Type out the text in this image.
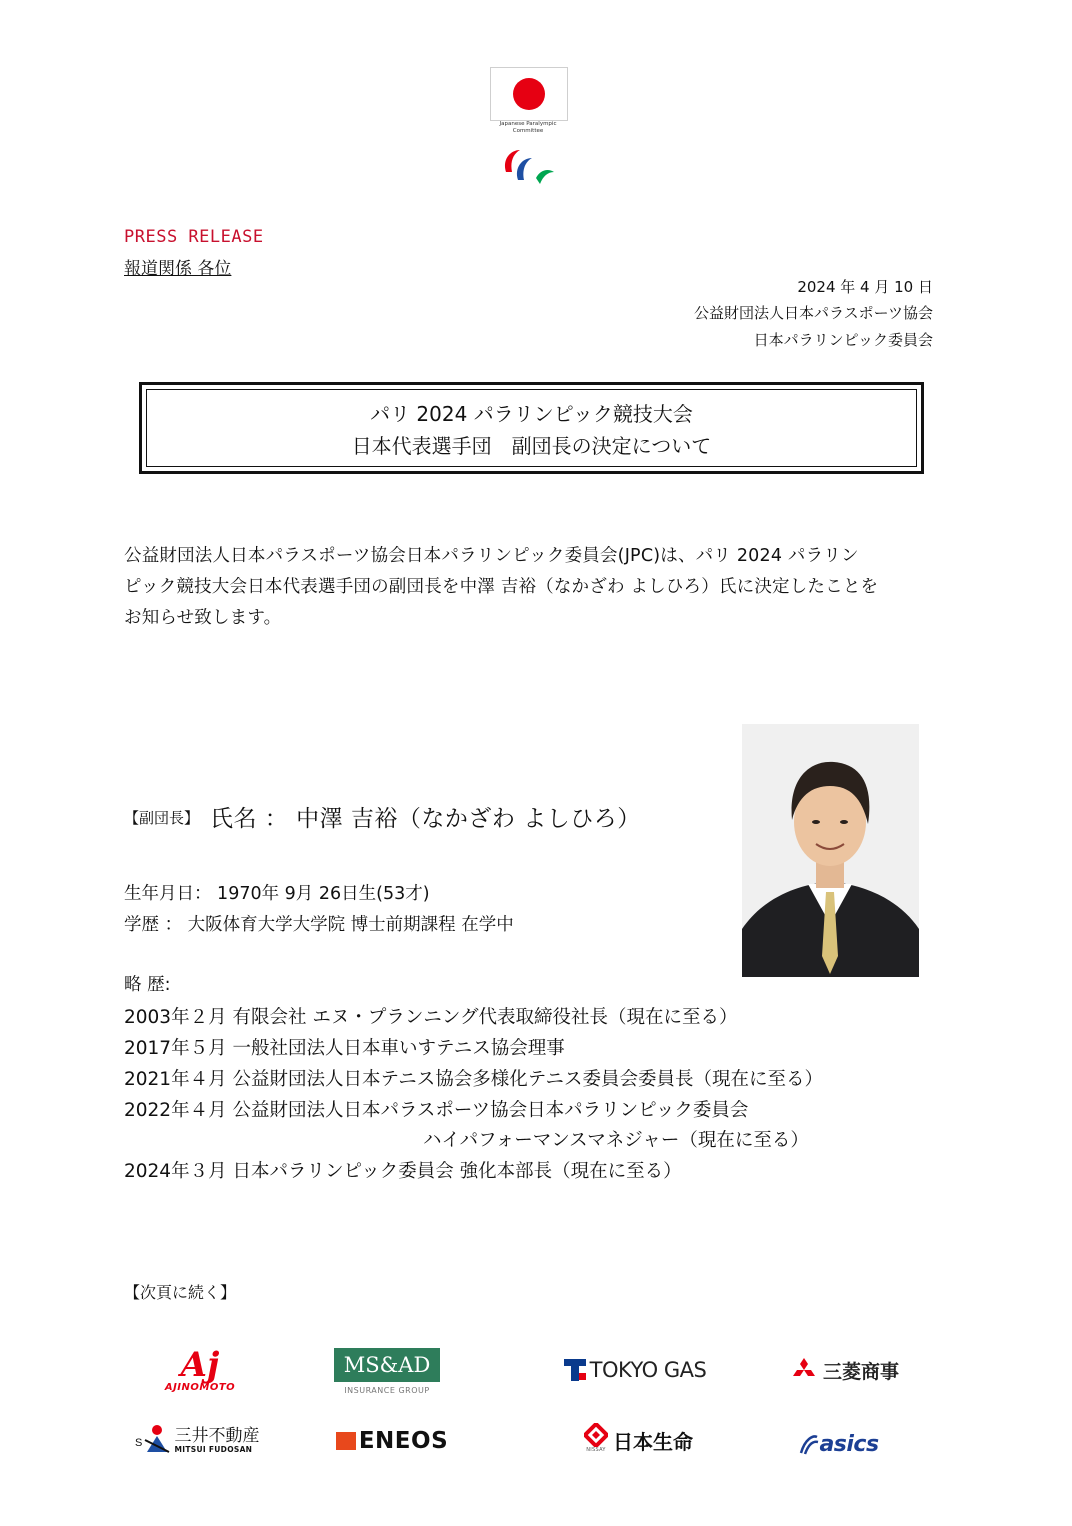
Japanese Paralympic
Committee
PRESS RELEASE
報道関係 各位
2024 年 4 月 10 日
公益財団法人日本パラスポーツ協会
日本パラリンピック委員会
パリ 2024 パラリンピック競技大会
日本代表選手団　副団長の決定について
公益財団法人日本パラスポーツ協会日本パラリンピック委員会(JPC)は、パリ 2024 パラリン
ピック競技大会日本代表選手団の副団長を中澤 吉裕（なかざわ よしひろ）氏に決定したことを
お知らせ致します。
【副団長】 氏名 ： 中澤 吉裕（なかざわ よしひろ）
生年月日： 1970年 9月 26日生(53才)
学歴 ： 大阪体育大学大学院 博士前期課程 在学中
略 歴:
2003年２月 有限会社 エヌ・プランニング代表取締役社長（現在に至る）
2017年５月 一般社団法人日本車いすテニス協会理事
2021年４月 公益財団法人日本テニス協会多様化テニス委員会委員長（現在に至る）
2022年４月 公益財団法人日本パラスポーツ協会日本パラリンピック委員会
ハイパフォーマンスマネジャー（現在に至る）
2024年３月 日本パラリンピック委員会 強化本部長（現在に至る）
【次頁に続く】
Aj
AJINOMOTO
MS&AD
INSURANCE GROUP
TOKYO GAS	三菱商事
S 三井不動産
MITSUI FUDOSAN	ENEOS	NISSAY 日本生命	asics
